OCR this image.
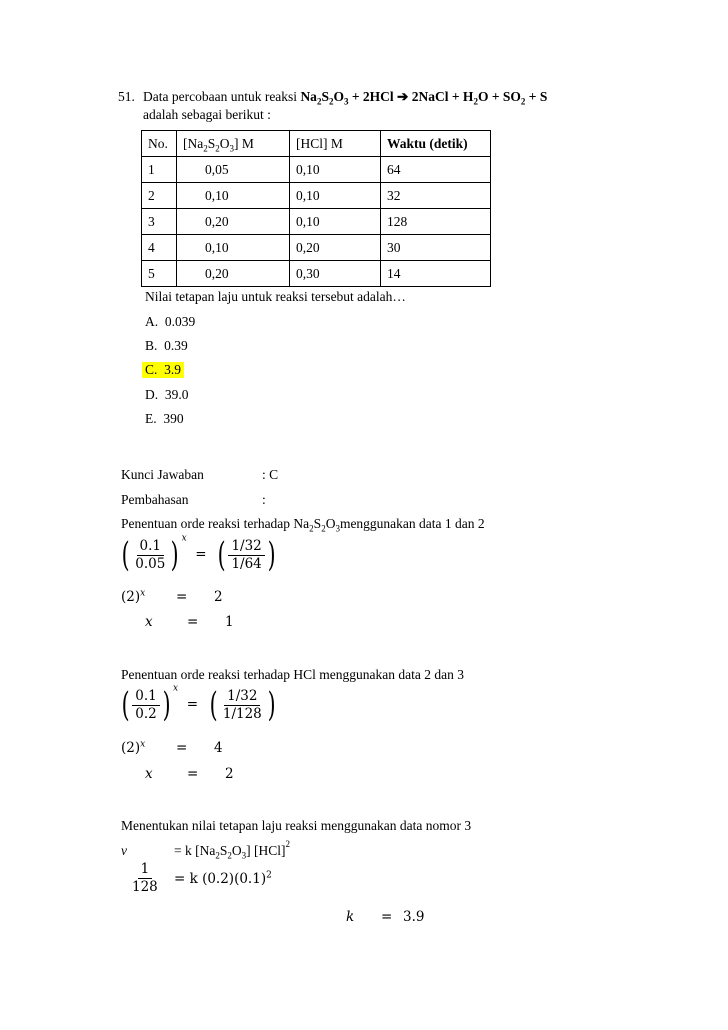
51. Data percobaan untuk reaksi $Na_2S_2O_3 + 2HCl$ ➔ 2NaCl + $H_2O + SO_2 + S$
adalah sebagai berikut :
No.	$[Na_2S_2O_3]$ M	[HCl] M	Waktu (detik)
1	0,05	0,10	64
2	0,10	0,10	32
3	0,20	0,10	128
4	0,10	0,20	30
5	0,20	0,30	14
Nilai tetapan laju untuk reaksi tersebut adalah…
A. 0.039
B. 0.39
C. 3.9
D. 39.0
E. 390
Kunci Jawaban	: C
Pembahasan	:
Penentuan orde reaksi terhadap $Na_2S_2O_3menggunakan$ data 1 dan 2
( $\frac{0.1}{0.05}$ ) $^x$  = ( $\frac{1/32}{1/64}$ )
$(2)^x = 2$
x	= 1
Penentuan orde reaksi terhadap HCl menggunakan data 2 dan 3
( $\frac{0.1}{0.2}$ ) $^x$  = ( $\frac{1/32}{1/128}$ )
$(2)^x = 4$
x	= 2
Menentukan nilai tetapan laju reaksi menggunakan data nomor 3
v	= k $[Na_2S_2O_3]$ [HCl]$^2$
$\frac{1}{128} = k$ $(0.2)(0.1)^2$
k = 3.9
